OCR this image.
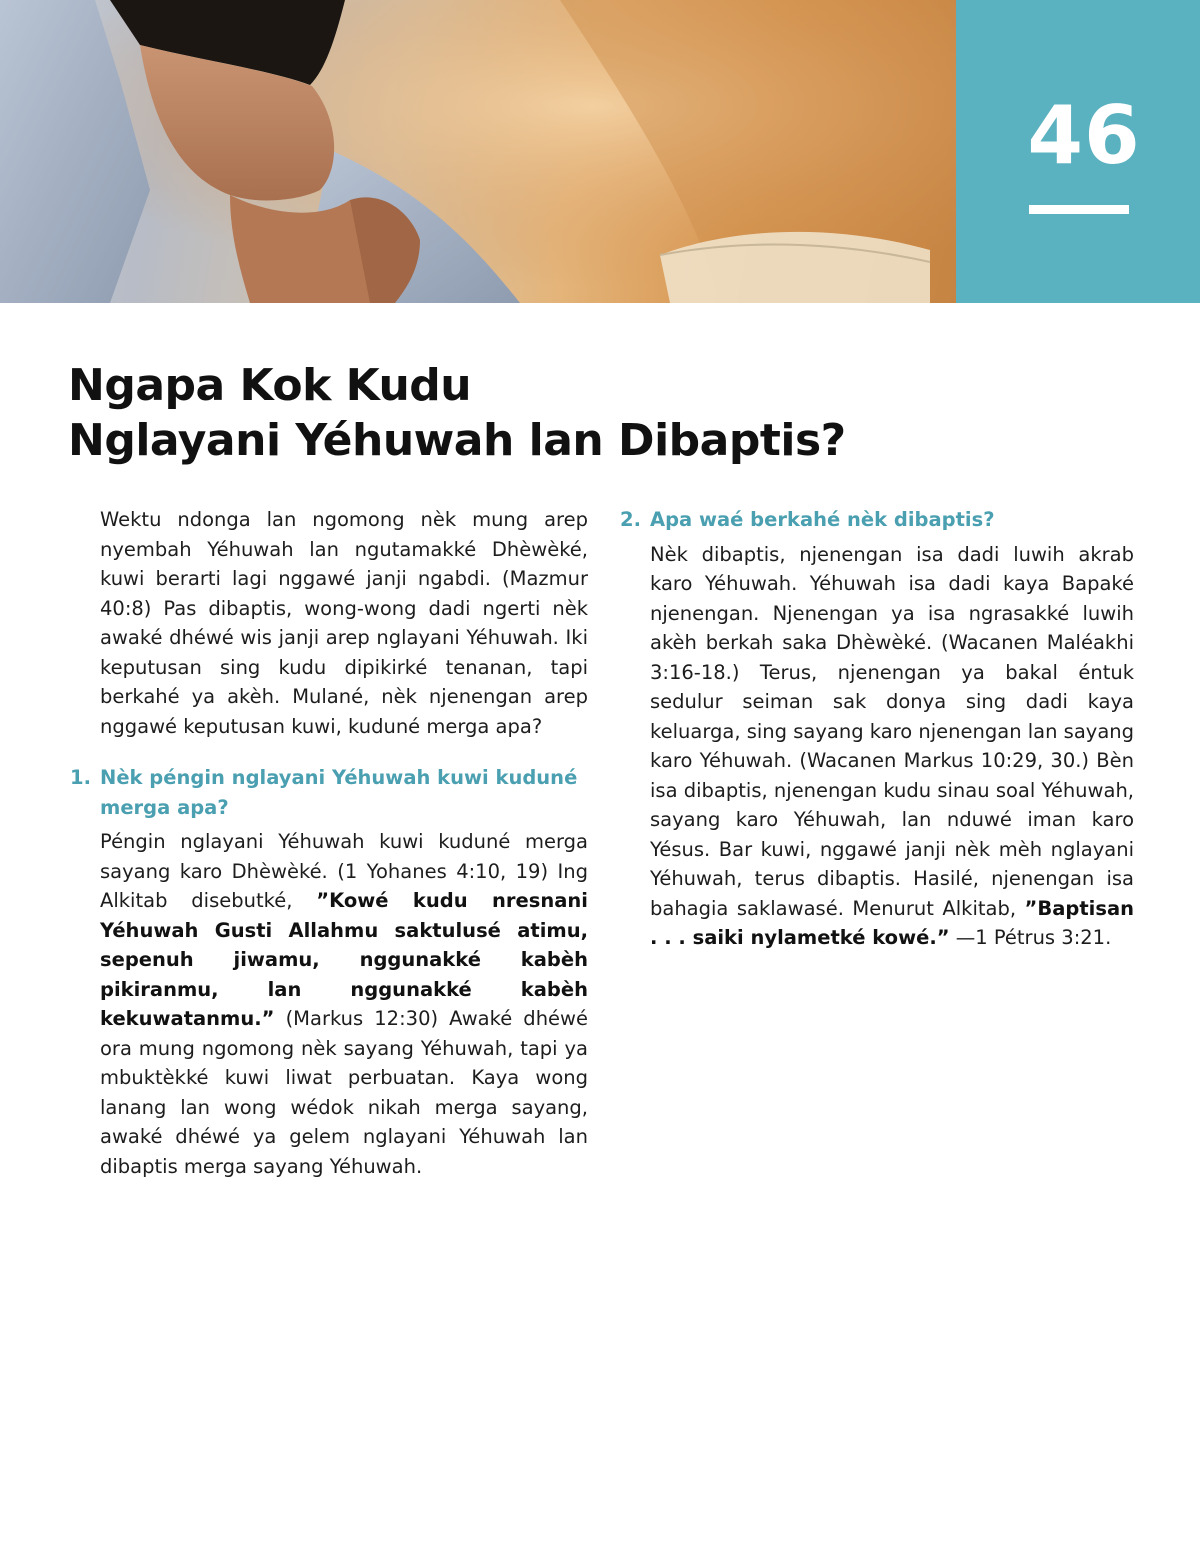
46
Ngapa Kok Kudu
Nglayani Yéhuwah lan Dibaptis?

Wektu ndonga lan ngomong nèk mung arep nyembah Yéhuwah lan ngutamakké Dhèwèké, kuwi berarti lagi nggawé janji ngabdi. (Mazmur 40:8) Pas dibaptis, wong-wong dadi ngerti nèk awaké dhéwé wis janji arep nglayani Yéhuwah. Iki keputusan sing kudu dipikirké tenanan, tapi berkahé ya akèh. Mulané, nèk njenengan arep nggawé keputusan kuwi, kuduné merga apa?

1. Nèk péngin nglayani Yéhuwah kuwi kuduné merga apa?

Péngin nglayani Yéhuwah kuwi kuduné merga sayang karo Dhèwèké. (1 Yohanes 4:10, 19) Ing Alkitab disebutké, ”Kowé kudu nresnani Yéhuwah Gusti Allahmu saktulusé atimu, sepenuh jiwamu, nggunakké kabèh pikiranmu, lan nggunakké kabèh kekuwatanmu.” (Markus 12:30) Awaké dhéwé ora mung ngomong nèk sayang Yéhuwah, tapi ya mbuktèkké kuwi liwat perbuatan. Kaya wong lanang lan wong wédok nikah merga sayang, awaké dhéwé ya gelem nglayani Yéhuwah lan dibaptis merga sayang Yéhuwah.

2. Apa waé berkahé nèk dibaptis?

Nèk dibaptis, njenengan isa dadi luwih akrab karo Yéhuwah. Yéhuwah isa dadi kaya Bapaké njenengan. Njenengan ya isa ngrasakké luwih akèh berkah saka Dhèwèké. (Wacanen Maléakhi 3:16-18.) Terus, njenengan ya bakal éntuk sedulur seiman sak donya sing dadi kaya keluarga, sing sayang karo njenengan lan sayang karo Yéhuwah. (Wacanen Markus 10:29, 30.) Bèn isa dibaptis, njenengan kudu sinau soal Yéhuwah, sayang karo Yéhuwah, lan nduwé iman karo Yésus. Bar kuwi, nggawé janji nèk mèh nglayani Yéhuwah, terus dibaptis. Hasilé, njenengan isa bahagia saklawasé. Menurut Alkitab, ”Baptisan . . . saiki nylametké kowé.” —1 Pétrus 3:21.
